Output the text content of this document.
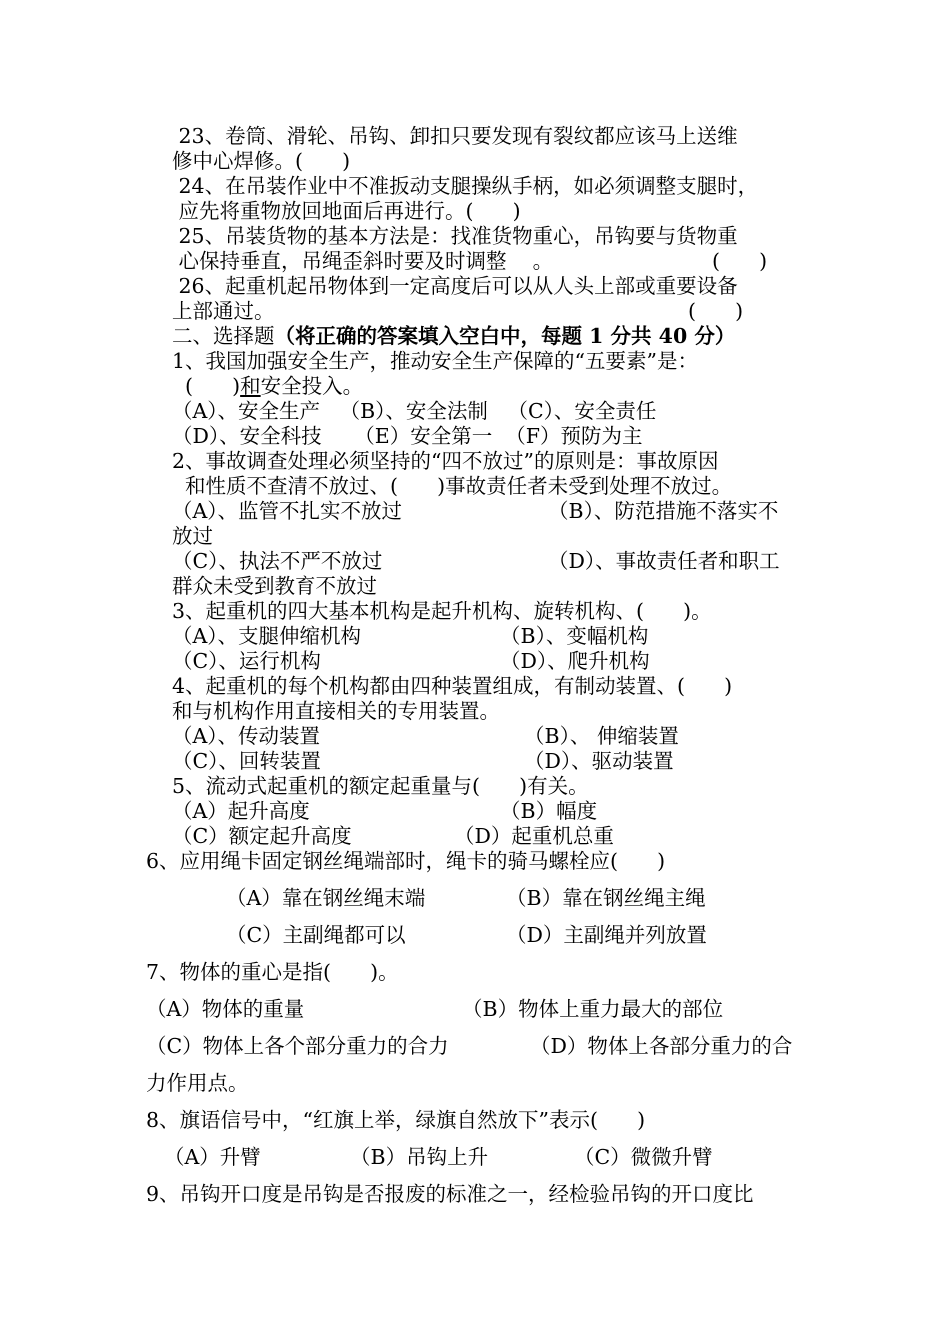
23、卷筒、滑轮、吊钩、卸扣只要发现有裂纹都应该马上送维
修中心焊修。(      )
24、在吊装作业中不准扳动支腿操纵手柄，如必须调整支腿时，
应先将重物放回地面后再进行。(      )
25、吊装货物的基本方法是：找准货物重心，吊钩要与货物重
心保持垂直，吊绳歪斜时要及时调整    。	(      )
26、起重机起吊物体到一定高度后可以从人头上部或重要设备
上部通过。	(      )
二、选择题（将正确的答案填入空白中，每题 1 分共 40 分）
1、我国加强安全生产，推动安全生产保障的“五要素”是：
(      )和安全投入。
（A）、安全生产   （B）、安全法制   （C）、安全责任
（D）、安全科技     （E）安全第一  （F）预防为主
2、事故调查处理必须坚持的“四不放过”的原则是：事故原因
和性质不查清不放过、(      )事故责任者未受到处理不放过。
（A）、监管不扎实不放过	（B）、防范措施不落实不
放过
（C）、执法不严不放过	（D）、事故责任者和职工
群众未受到教育不放过
3、起重机的四大基本机构是起升机构、旋转机构、(      )。
（A）、支腿伸缩机构	（B）、变幅机构
（C）、运行机构	（D）、爬升机构
4、起重机的每个机构都由四种装置组成，有制动装置、(      )
和与机构作用直接相关的专用装置。
（A）、传动装置	（B）、 伸缩装置
（C）、回转装置	（D）、驱动装置
5、流动式起重机的额定起重量与(      )有关。
（A）起升高度	（B）幅度
（C）额定起升高度	（D）起重机总重
6、应用绳卡固定钢丝绳端部时，绳卡的骑马螺栓应(      )
（A）靠在钢丝绳末端	（B）靠在钢丝绳主绳
（C）主副绳都可以	（D）主副绳并列放置
7、物体的重心是指(      )。
（A）物体的重量	（B）物体上重力最大的部位
（C）物体上各个部分重力的合力	（D）物体上各部分重力的合
力作用点。
8、旗语信号中，“红旗上举，绿旗自然放下”表示(      )
（A）升臂	（B）吊钩上升	（C）微微升臂
9、吊钩开口度是吊钩是否报废的标准之一，经检验吊钩的开口度比
